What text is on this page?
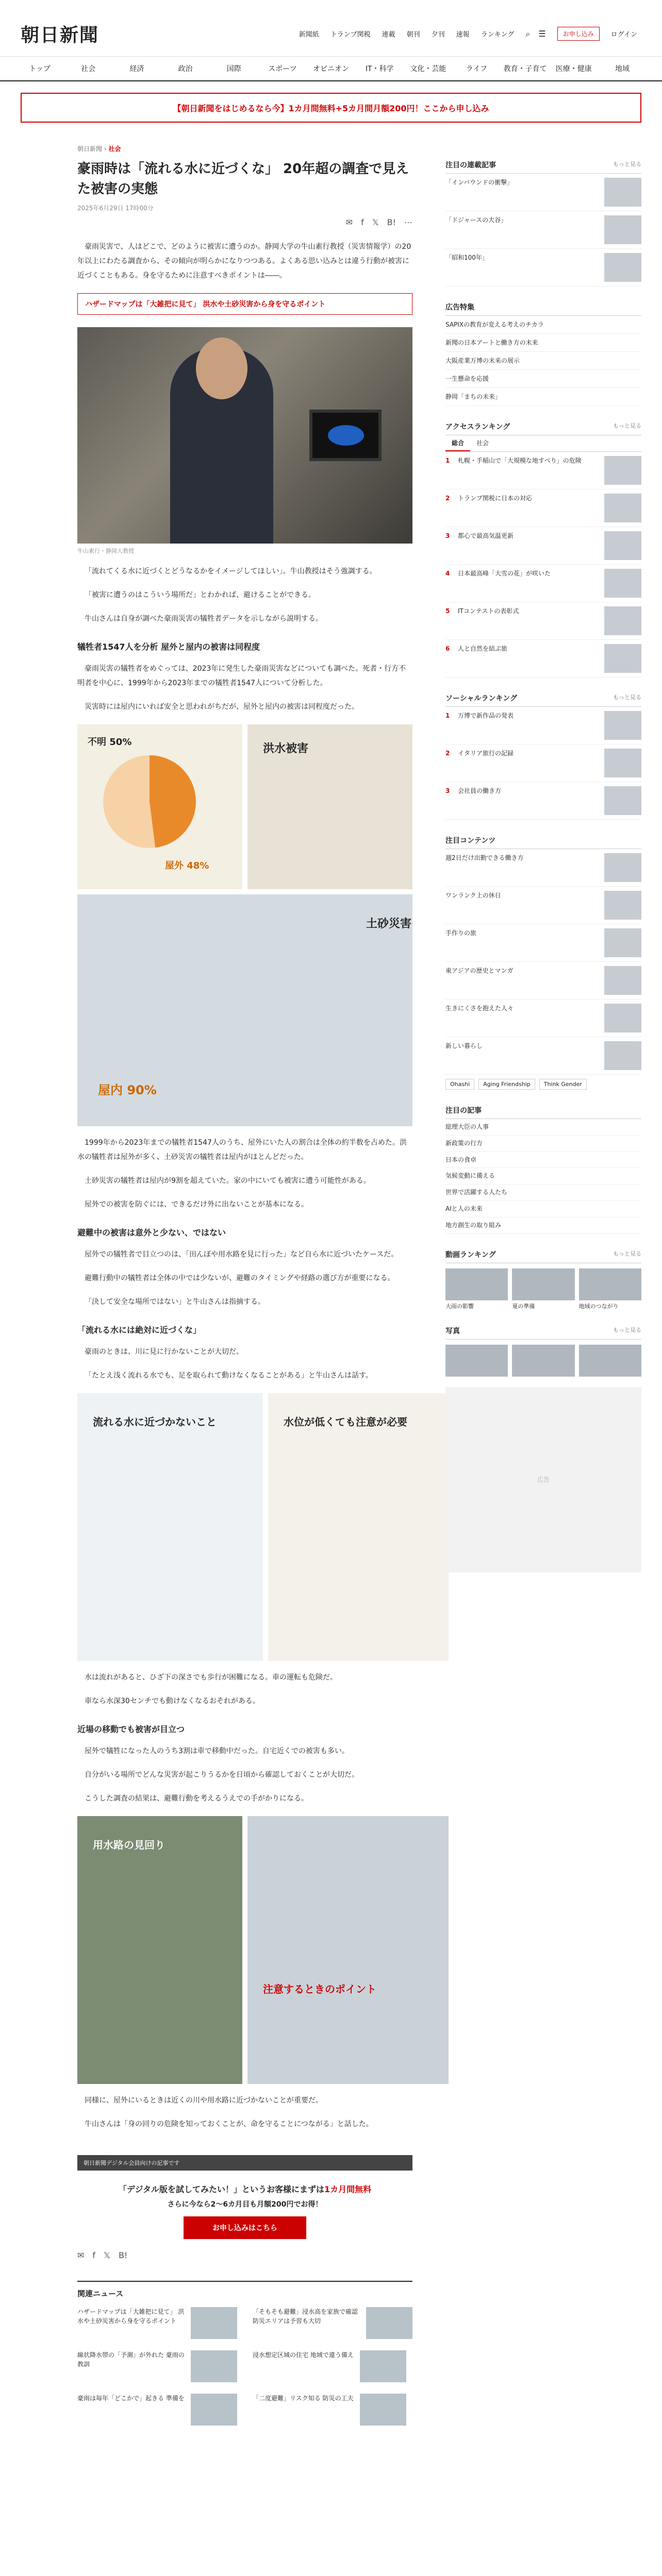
朝日新聞	新聞紙 トランプ関税 連載 朝刊 夕刊 速報 ランキング ⌕ ☰	お申し込み	ログイン
トップ	社会	経済	政治	国際	スポーツ	オピニオン	IT・科学	文化・芸能	ライフ	教育・子育て	医療・健康	地域
【朝日新聞をはじめるなら今】1カ月間無料+5カ月間月額200円！ここから申し込み
朝日新聞 › 社会
豪雨時は「流れる水に近づくな」 20年超の調査で見えた被害の実態
2025年6月29日 17時00分
✉ f 𝕏 B! ⋯

豪雨災害で、人はどこで、どのように被害に遭うのか。静岡大学の牛山素行教授（災害情報学）の20年以上にわたる調査から、その傾向が明らかになりつつある。よくある思い込みとは違う行動が被害に近づくこともある。身を守るために注意すべきポイントは――。

ハザードマップは「大雑把に見て」 洪水や土砂災害から身を守るポイント
牛山素行・静岡大教授

「流れてくる水に近づくとどうなるかをイメージしてほしい」。牛山教授はそう強調する。

「被害に遭うのはこういう場所だ」とわかれば、避けることができる。

牛山さんは自身が調べた豪雨災害の犠牲者データを示しながら説明する。

犠牲者1547人を分析 屋外と屋内の被害は同程度

豪雨災害の犠牲者をめぐっては、2023年に発生した豪雨災害などについても調べた。死者・行方不明者を中心に、1999年から2023年までの犠牲者1547人について分析した。

災害時には屋内にいれば安全と思われがちだが、屋外と屋内の被害は同程度だった。

不明 50%
屋外 48%
洪水被害
土砂災害
屋内 90%

1999年から2023年までの犠牲者1547人のうち、屋外にいた人の割合は全体の約半数を占めた。洪水の犠牲者は屋外が多く、土砂災害の犠牲者は屋内がほとんどだった。

土砂災害の犠牲者は屋内が9割を超えていた。家の中にいても被害に遭う可能性がある。

屋外での被害を防ぐには、できるだけ外に出ないことが基本になる。

避難中の被害は意外と少ない、ではない

屋外での犠牲者で目立つのは、「田んぼや用水路を見に行った」など自ら水に近づいたケースだ。

避難行動中の犠牲者は全体の中では少ないが、避難のタイミングや経路の選び方が重要になる。

「決して安全な場所ではない」と牛山さんは指摘する。

「流れる水には絶対に近づくな」

豪雨のときは、川に見に行かないことが大切だ。

「たとえ浅く流れる水でも、足を取られて動けなくなることがある」と牛山さんは話す。

流れる水に近づかないこと	水位が低くても注意が必要

水は流れがあると、ひざ下の深さでも歩行が困難になる。車の運転も危険だ。

車なら水深30センチでも動けなくなるおそれがある。

近場の移動でも被害が目立つ

屋外で犠牲になった人のうち3割は車で移動中だった。自宅近くでの被害も多い。

自分がいる場所でどんな災害が起こりうるかを日頃から確認しておくことが大切だ。

こうした調査の結果は、避難行動を考えるうえでの手がかりになる。

用水路の見回り
注意するときのポイント

同様に、屋外にいるときは近くの川や用水路に近づかないことが重要だ。

牛山さんは「身の回りの危険を知っておくことが、命を守ることにつながる」と話した。

朝日新聞デジタル会員向けの記事です
「デジタル版を試してみたい！」というお客様にまずは1カ月間無料
さらに今なら2〜6カ月目も月額200円でお得！
お申し込みはこちら
✉ f 𝕏 B!
関連ニュース
ハザードマップは「大雑把に見て」 洪水や土砂災害から身を守るポイント
「そもそも避難」浸水高を家族で確認 防災エリアは予習も大切
線状降水帯の「予測」が外れた 豪雨の教訓
浸水想定区域の住宅 地域で違う備え
豪雨は毎年「どこかで」起きる 準備を	「二度避難」リスク知る 防災の工夫
注目の連載記事	もっと見る
「インバウンドの衝撃」
「ドジャースの大谷」
「昭和100年」
広告特集
SAPIXの教育が変える考えのチカラ
新聞の日本アートと働き方の未来
大阪産業万博の未来の展示
一生懸命を応援
静岡「まちの未来」
アクセスランキング	もっと見る
総合	社会
1	札幌・手稲山で「大規模な地すべり」の危険
2	トランプ関税に日本の対応
3	都心で最高気温更新
4	日本最高峰「大雪の花」が咲いた
5	ITコンテストの表彰式
6	人と自然を結ぶ旅
ソーシャルランキング	もっと見る
1	万博で新作品の発表
2	イタリア旅行の記録
3	会社員の働き方
注目コンテンツ
週2日だけ出勤できる働き方
ワンランク上の休日
手作りの旅
東アジアの歴史とマンガ
生きにくさを抱えた人々
新しい暮らし
Ohashi	Aging Friendship	Think Gender
注目の記事
総理大臣の人事
新政策の行方
日本の食卓
気候変動に備える
世界で活躍する人たち
AIと人の未来
地方創生の取り組み
動画ランキング	もっと見る
大雨の影響	夏の準備	地域のつながり
写真	もっと見る
広告
